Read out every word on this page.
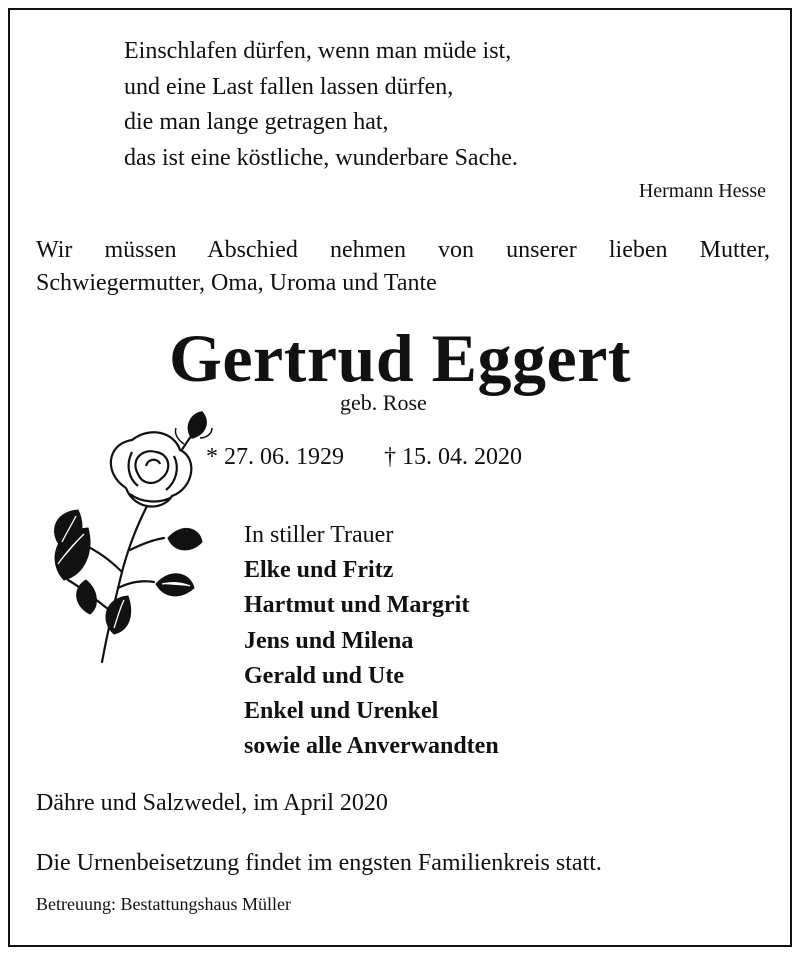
Einschlafen dürfen, wenn man müde ist,
und eine Last fallen lassen dürfen,
die man lange getragen hat,
das ist eine köstliche, wunderbare Sache.
Hermann Hesse
Wir müssen Abschied nehmen von unserer lieben Mutter,
Schwiegermutter, Oma, Uroma und Tante
Gertrud Eggert
geb. Rose
* 27. 06. 1929 † 15. 04. 2020
In stiller Trauer
Elke und Fritz
Hartmut und Margrit
Jens und Milena
Gerald und Ute
Enkel und Urenkel
sowie alle Anverwandten
Dähre und Salzwedel, im April 2020
Die Urnenbeisetzung findet im engsten Familienkreis statt.
Betreuung: Bestattungshaus Müller
